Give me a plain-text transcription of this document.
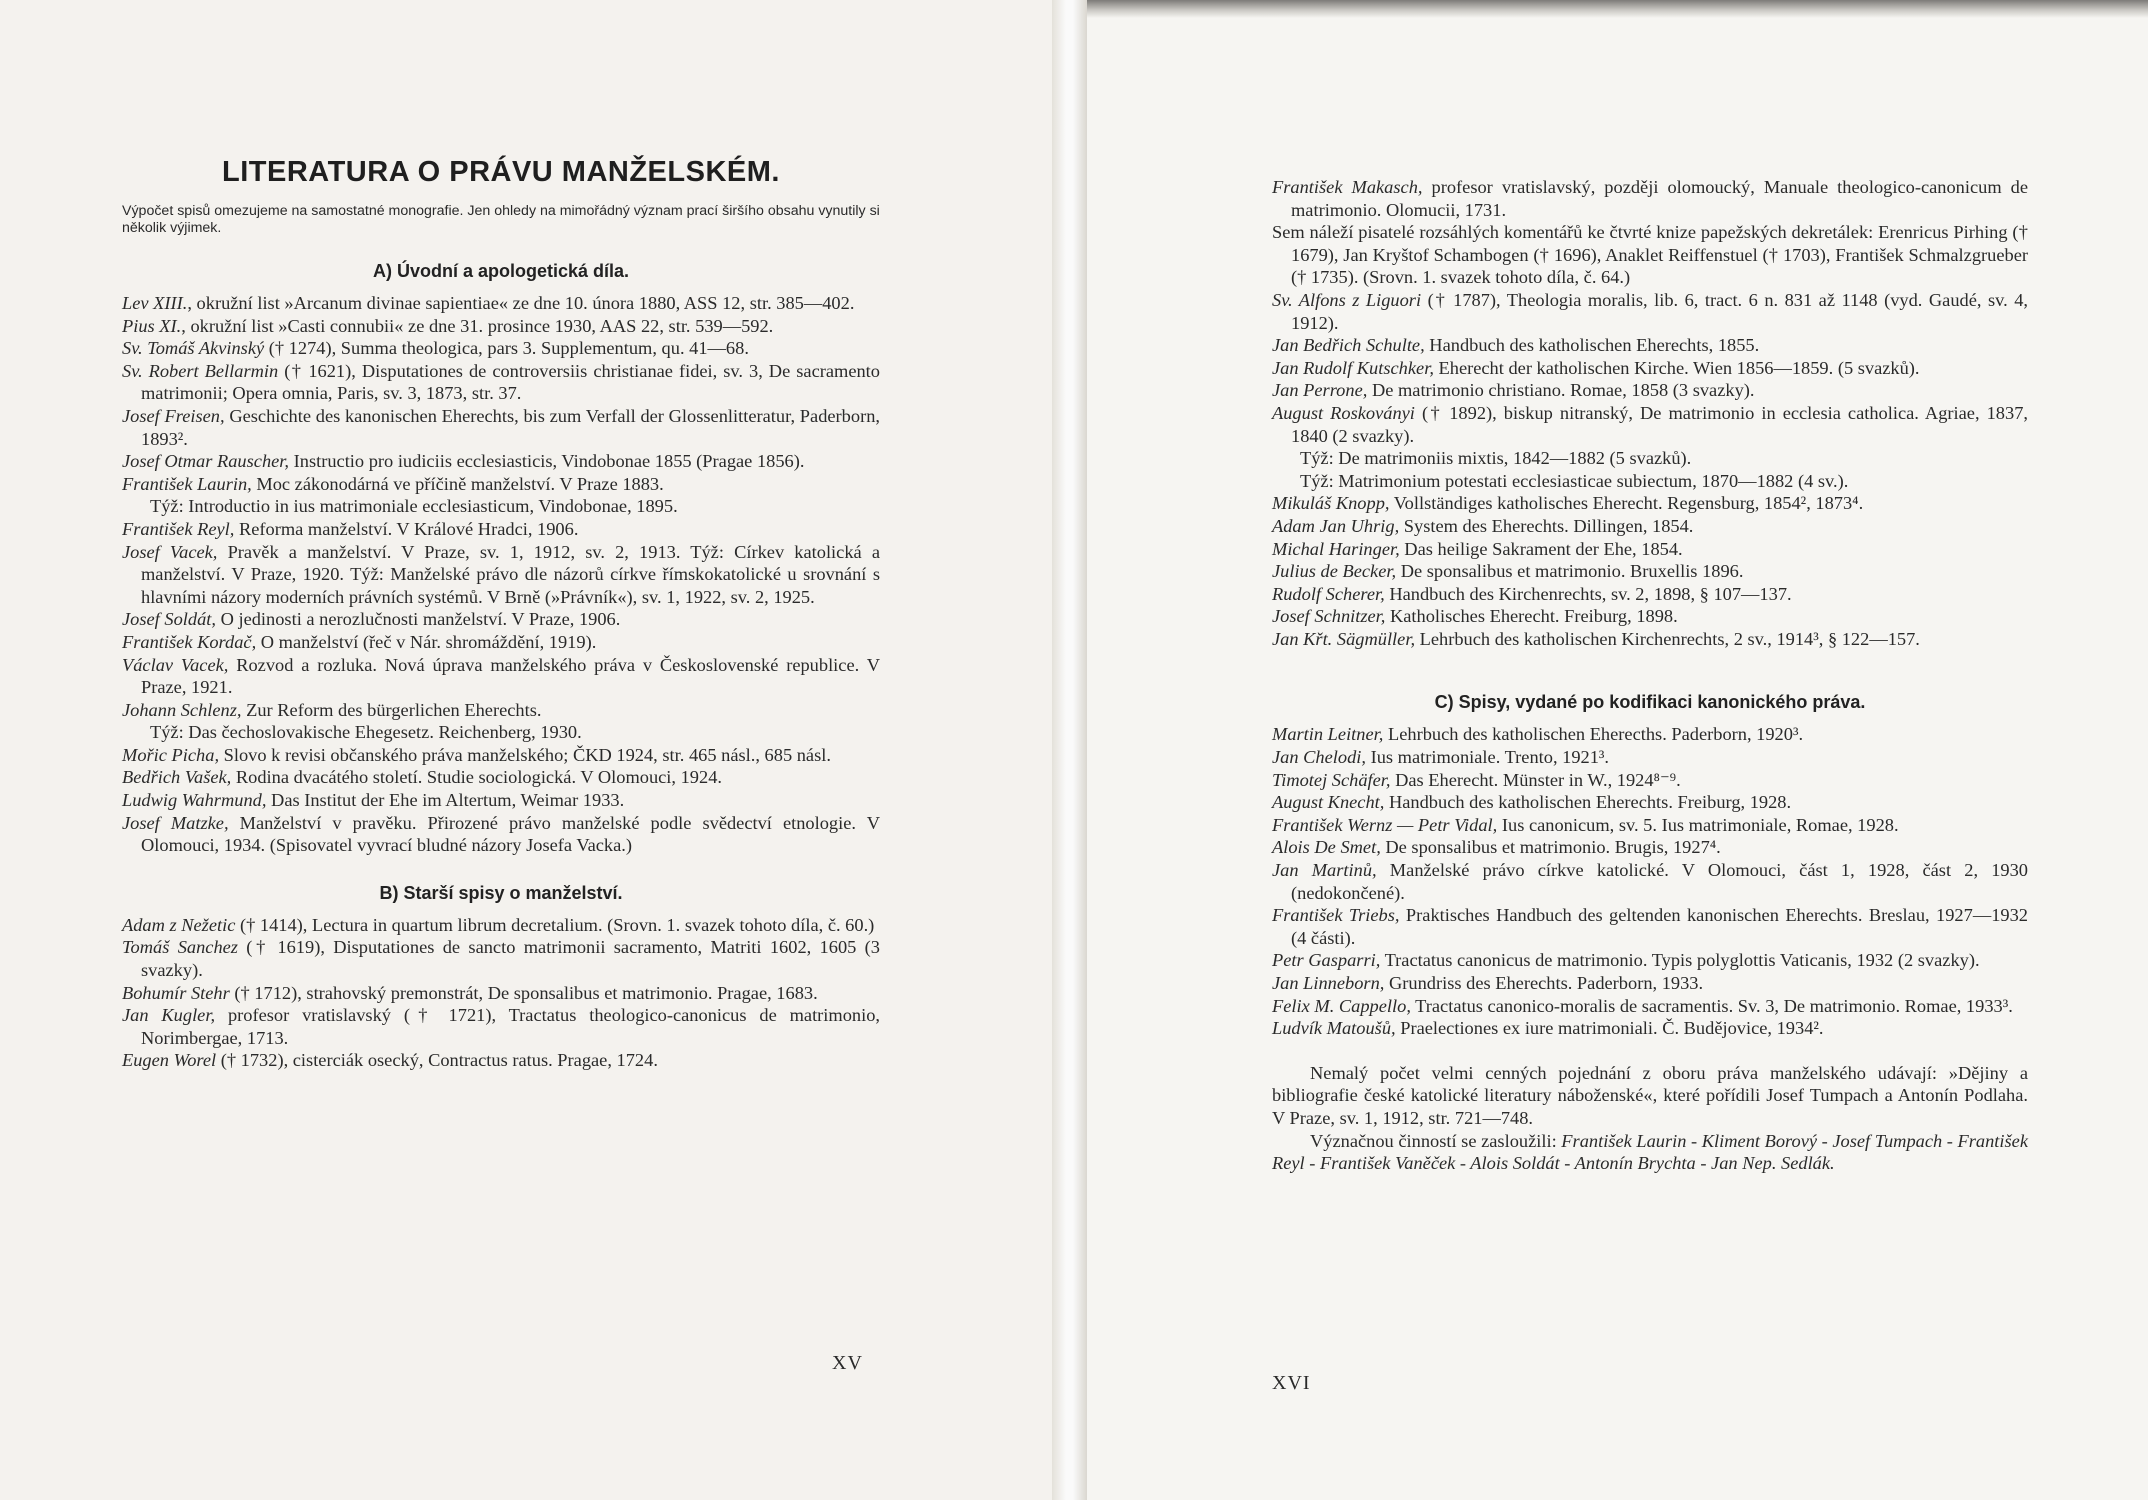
LITERATURA O PRÁVU MANŽELSKÉM.

Výpočet spisů omezujeme na samostatné monografie. Jen ohledy na mimořádný význam prací širšího obsahu vynutily si několik výjimek.

A) Úvodní a apologetická díla.

Lev XIII., okružní list »Arcanum divinae sapientiae« ze dne 10. února 1880, ASS 12, str. 385—402.

Pius XI., okružní list »Casti connubii« ze dne 31. prosince 1930, AAS 22, str. 539—592.

Sv. Tomáš Akvinský († 1274), Summa theologica, pars 3. Supplementum, qu. 41—68.

Sv. Robert Bellarmin († 1621), Disputationes de controversiis christianae fidei, sv. 3, De sacramento matrimonii; Opera omnia, Paris, sv. 3, 1873, str. 37.

Josef Freisen, Geschichte des kanonischen Eherechts, bis zum Verfall der Glossenlitteratur, Paderborn, 1893².

Josef Otmar Rauscher, Instructio pro iudiciis ecclesiasticis, Vindobonae 1855 (Pragae 1856).

František Laurin, Moc zákonodárná ve příčině manželství. V Praze 1883.

Týž: Introductio in ius matrimoniale ecclesiasticum, Vindobonae, 1895.

František Reyl, Reforma manželství. V Králové Hradci, 1906.

Josef Vacek, Pravěk a manželství. V Praze, sv. 1, 1912, sv. 2, 1913. Týž: Církev katolická a manželství. V Praze, 1920. Týž: Manželské právo dle názorů církve římskokatolické u srovnání s hlavními názory moderních právních systémů. V Brně (»Právník«), sv. 1, 1922, sv. 2, 1925.

Josef Soldát, O jedinosti a nerozlučnosti manželství. V Praze, 1906.

František Kordač, O manželství (řeč v Nár. shromáždění, 1919).

Václav Vacek, Rozvod a rozluka. Nová úprava manželského práva v Československé republice. V Praze, 1921.

Johann Schlenz, Zur Reform des bürgerlichen Eherechts.

Týž: Das čechoslovakische Ehegesetz. Reichenberg, 1930.

Mořic Picha, Slovo k revisi občanského práva manželského; ČKD 1924, str. 465 násl., 685 násl.

Bedřich Vašek, Rodina dvacátého století. Studie sociologická. V Olomouci, 1924.

Ludwig Wahrmund, Das Institut der Ehe im Altertum, Weimar 1933.

Josef Matzke, Manželství v pravěku. Přirozené právo manželské podle svědectví etnologie. V Olomouci, 1934. (Spisovatel vyvrací bludné názory Josefa Vacka.)

B) Starší spisy o manželství.

Adam z Nežetic († 1414), Lectura in quartum librum decretalium. (Srovn. 1. svazek tohoto díla, č. 60.)

Tomáš Sanchez († 1619), Disputationes de sancto matrimonii sacramento, Matriti 1602, 1605 (3 svazky).

Bohumír Stehr († 1712), strahovský premonstrát, De sponsalibus et matrimonio. Pragae, 1683.

Jan Kugler, profesor vratislavský († 1721), Tractatus theologico-canonicus de matrimonio, Norimbergae, 1713.

Eugen Worel († 1732), cisterciák osecký, Contractus ratus. Pragae, 1724.

XV

František Makasch, profesor vratislavský, později olomoucký, Manuale theologico-canonicum de matrimonio. Olomucii, 1731.

Sem náleží pisatelé rozsáhlých komentářů ke čtvrté knize papežských dekretálek: Erenricus Pirhing († 1679), Jan Kryštof Schambogen († 1696), Anaklet Reiffenstuel († 1703), František Schmalzgrueber († 1735). (Srovn. 1. svazek tohoto díla, č. 64.)

Sv. Alfons z Liguori († 1787), Theologia moralis, lib. 6, tract. 6 n. 831 až 1148 (vyd. Gaudé, sv. 4, 1912).

Jan Bedřich Schulte, Handbuch des katholischen Eherechts, 1855.

Jan Rudolf Kutschker, Eherecht der katholischen Kirche. Wien 1856—1859. (5 svazků).

Jan Perrone, De matrimonio christiano. Romae, 1858 (3 svazky).

August Roskoványi († 1892), biskup nitranský, De matrimonio in ecclesia catholica. Agriae, 1837, 1840 (2 svazky).

Týž: De matrimoniis mixtis, 1842—1882 (5 svazků).

Týž: Matrimonium potestati ecclesiasticae subiectum, 1870—1882 (4 sv.).

Mikuláš Knopp, Vollständiges katholisches Eherecht. Regensburg, 1854², 1873⁴.

Adam Jan Uhrig, System des Eherechts. Dillingen, 1854.

Michal Haringer, Das heilige Sakrament der Ehe, 1854.

Julius de Becker, De sponsalibus et matrimonio. Bruxellis 1896.

Rudolf Scherer, Handbuch des Kirchenrechts, sv. 2, 1898, § 107—137.

Josef Schnitzer, Katholisches Eherecht. Freiburg, 1898.

Jan Křt. Sägmüller, Lehrbuch des katholischen Kirchenrechts, 2 sv., 1914³, § 122—157.

C) Spisy, vydané po kodifikaci kanonického práva.

Martin Leitner, Lehrbuch des katholischen Eherecths. Paderborn, 1920³.

Jan Chelodi, Ius matrimoniale. Trento, 1921³.

Timotej Schäfer, Das Eherecht. Münster in W., 1924⁸⁻⁹.

August Knecht, Handbuch des katholischen Eherechts. Freiburg, 1928.

František Wernz — Petr Vidal, Ius canonicum, sv. 5. Ius matrimoniale, Romae, 1928.

Alois De Smet, De sponsalibus et matrimonio. Brugis, 1927⁴.

Jan Martinů, Manželské právo církve katolické. V Olomouci, část 1, 1928, část 2, 1930 (nedokončené).

František Triebs, Praktisches Handbuch des geltenden kanonischen Eherechts. Breslau, 1927—1932 (4 části).

Petr Gasparri, Tractatus canonicus de matrimonio. Typis polyglottis Vaticanis, 1932 (2 svazky).

Jan Linneborn, Grundriss des Eherechts. Paderborn, 1933.

Felix M. Cappello, Tractatus canonico-moralis de sacramentis. Sv. 3, De matrimonio. Romae, 1933³.

Ludvík Matoušů, Praelectiones ex iure matrimoniali. Č. Budějovice, 1934².

Nemalý počet velmi cenných pojednání z oboru práva manželského udávají: »Dějiny a bibliografie české katolické literatury náboženské«, které pořídili Josef Tumpach a Antonín Podlaha. V Praze, sv. 1, 1912, str. 721—748.

Význačnou činností se zasloužili: František Laurin - Kliment Borový - Josef Tumpach - František Reyl - František Vaněček - Alois Soldát - Antonín Brychta - Jan Nep. Sedlák.

XVI
